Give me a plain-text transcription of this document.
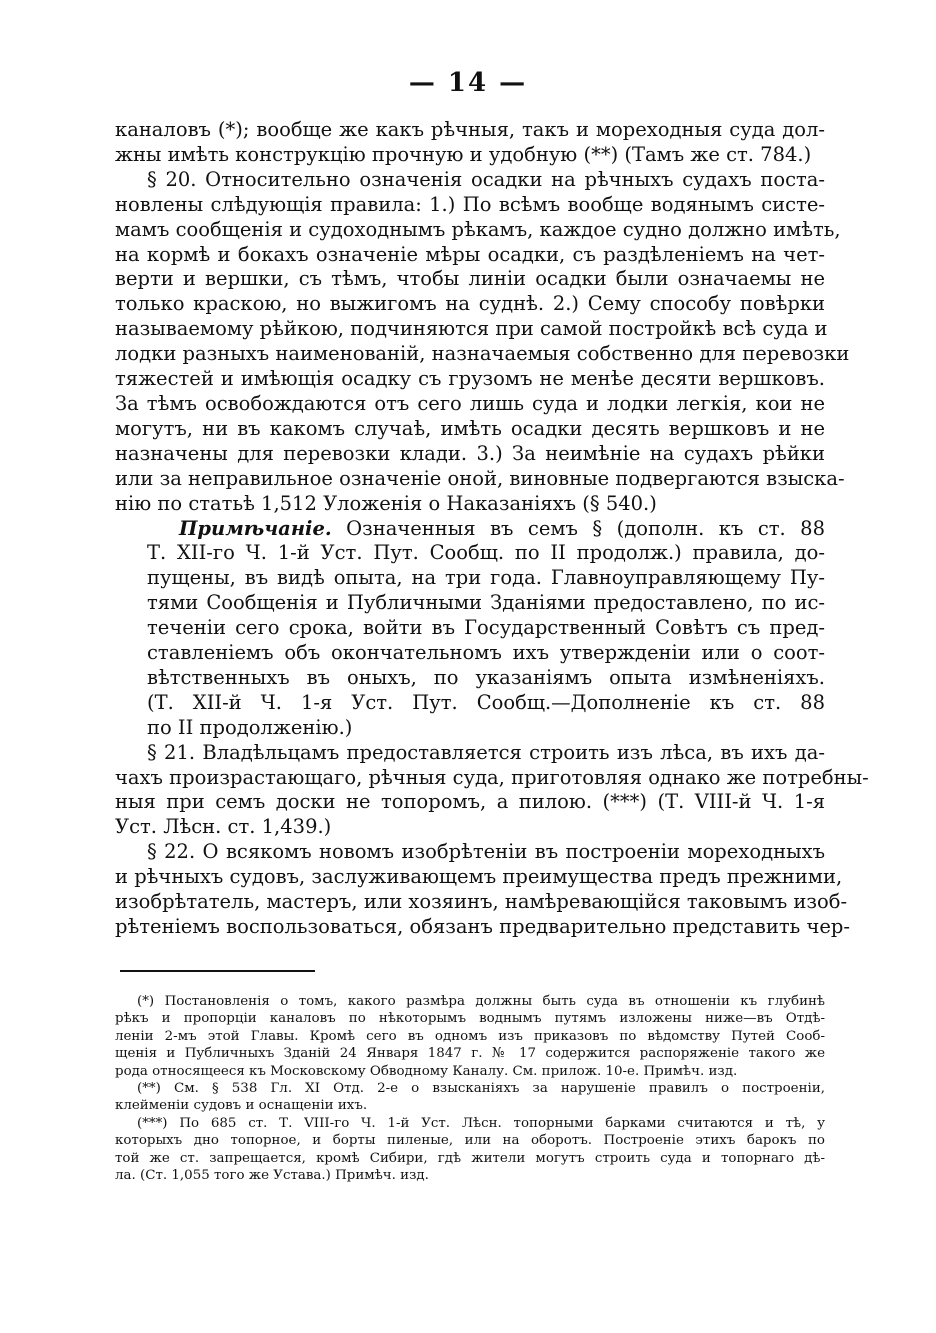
— 14 —
каналовъ (*); вообще же какъ рѣчныя, такъ и мореходныя суда дол-
жны имѣть конструкцію прочную и удобную (**) (Тамъ же ст. 784.)
§ 20. Относительно означенія осадки на рѣчныхъ судахъ поста-
новлены слѣдующія правила: 1.) По всѣмъ вообще водянымъ систе-
мамъ сообщенія и судоходнымъ рѣкамъ, каждое судно должно имѣть,
на кормѣ и бокахъ означеніе мѣры осадки, съ раздѣленіемъ на чет-
верти и вершки, съ тѣмъ, чтобы линіи осадки были означаемы не
только краскою, но выжигомъ на суднѣ. 2.) Сему способу повѣрки
называемому рѣйкою, подчиняются при самой постройкѣ всѣ суда и
лодки разныхъ наименованій, назначаемыя собственно для перевозки
тяжестей и имѣющія осадку съ грузомъ не менѣе десяти вершковъ.
За тѣмъ освобождаются отъ сего лишь суда и лодки легкія, кои не
могутъ, ни въ какомъ случаѣ, имѣть осадки десять вершковъ и не
назначены для перевозки клади. 3.) За неимѣніе на судахъ рѣйки
или за неправильное означеніе оной, виновные подвергаются взыска-
нію по статьѣ 1,512 Уложенія о Наказаніяхъ (§ 540.)
Примѣчаніе. Означенныя въ семъ § (дополн. къ ст. 88
Т. XII-го Ч. 1-й Уст. Пут. Сообщ. по II продолж.) правила, до-
пущены, въ видѣ опыта, на три года. Главноуправляющему Пу-
тями Сообщенія и Публичными Зданіями предоставлено, по ис-
теченіи сего срока, войти въ Государственный Совѣтъ съ пред-
ставленіемъ объ окончательномъ ихъ утвержденіи или о соот-
вѣтственныхъ въ оныхъ, по указаніямъ опыта измѣненіяхъ.
(Т. XII-й Ч. 1-я Уст. Пут. Сообщ.—Дополненіе къ ст. 88
по II продолженію.)
§ 21. Владѣльцамъ предоставляется строить изъ лѣса, въ ихъ да-
чахъ произрастающаго, рѣчныя суда, приготовляя однако же потребны-
ныя при семъ доски не топоромъ, а пилою. (***) (Т. VIII-й Ч. 1-я
Уст. Лѣсн. ст. 1,439.)
§ 22. О всякомъ новомъ изобрѣтеніи въ построеніи мореходныхъ
и рѣчныхъ судовъ, заслуживающемъ преимущества предъ прежними,
изобрѣтатель, мастеръ, или хозяинъ, намѣревающійся таковымъ изоб-
рѣтеніемъ воспользоваться, обязанъ предварительно представить чер-
(*) Постановленія о томъ, какого размѣра должны быть суда въ отношеніи къ глубинѣ
рѣкъ и пропорціи каналовъ по нѣкоторымъ воднымъ путямъ изложены ниже—въ Отдѣ-
леніи 2-мъ этой Главы. Кромѣ сего въ одномъ изъ приказовъ по вѣдомству Путей Сооб-
щенія и Публичныхъ Зданій 24 Января 1847 г. № 17 содержится распоряженіе такого же
рода относящееся къ Московскому Обводному Каналу. См. прилож. 10-е. Примѣч. изд.
(**) См. § 538 Гл. XI Отд. 2-е о взысканіяхъ за нарушеніе правилъ о построеніи,
клейменіи судовъ и оснащеніи ихъ.
(***) По 685 ст. Т. VIII-го Ч. 1-й Уст. Лѣсн. топорными барками считаются и тѣ, у
которыхъ дно топорное, и борты пиленые, или на оборотъ. Построеніе этихъ барокъ по
той же ст. запрещается, кромѣ Сибири, гдѣ жители могутъ строить суда и топорнаго дѣ-
ла. (Ст. 1,055 того же Устава.) Примѣч. изд.
